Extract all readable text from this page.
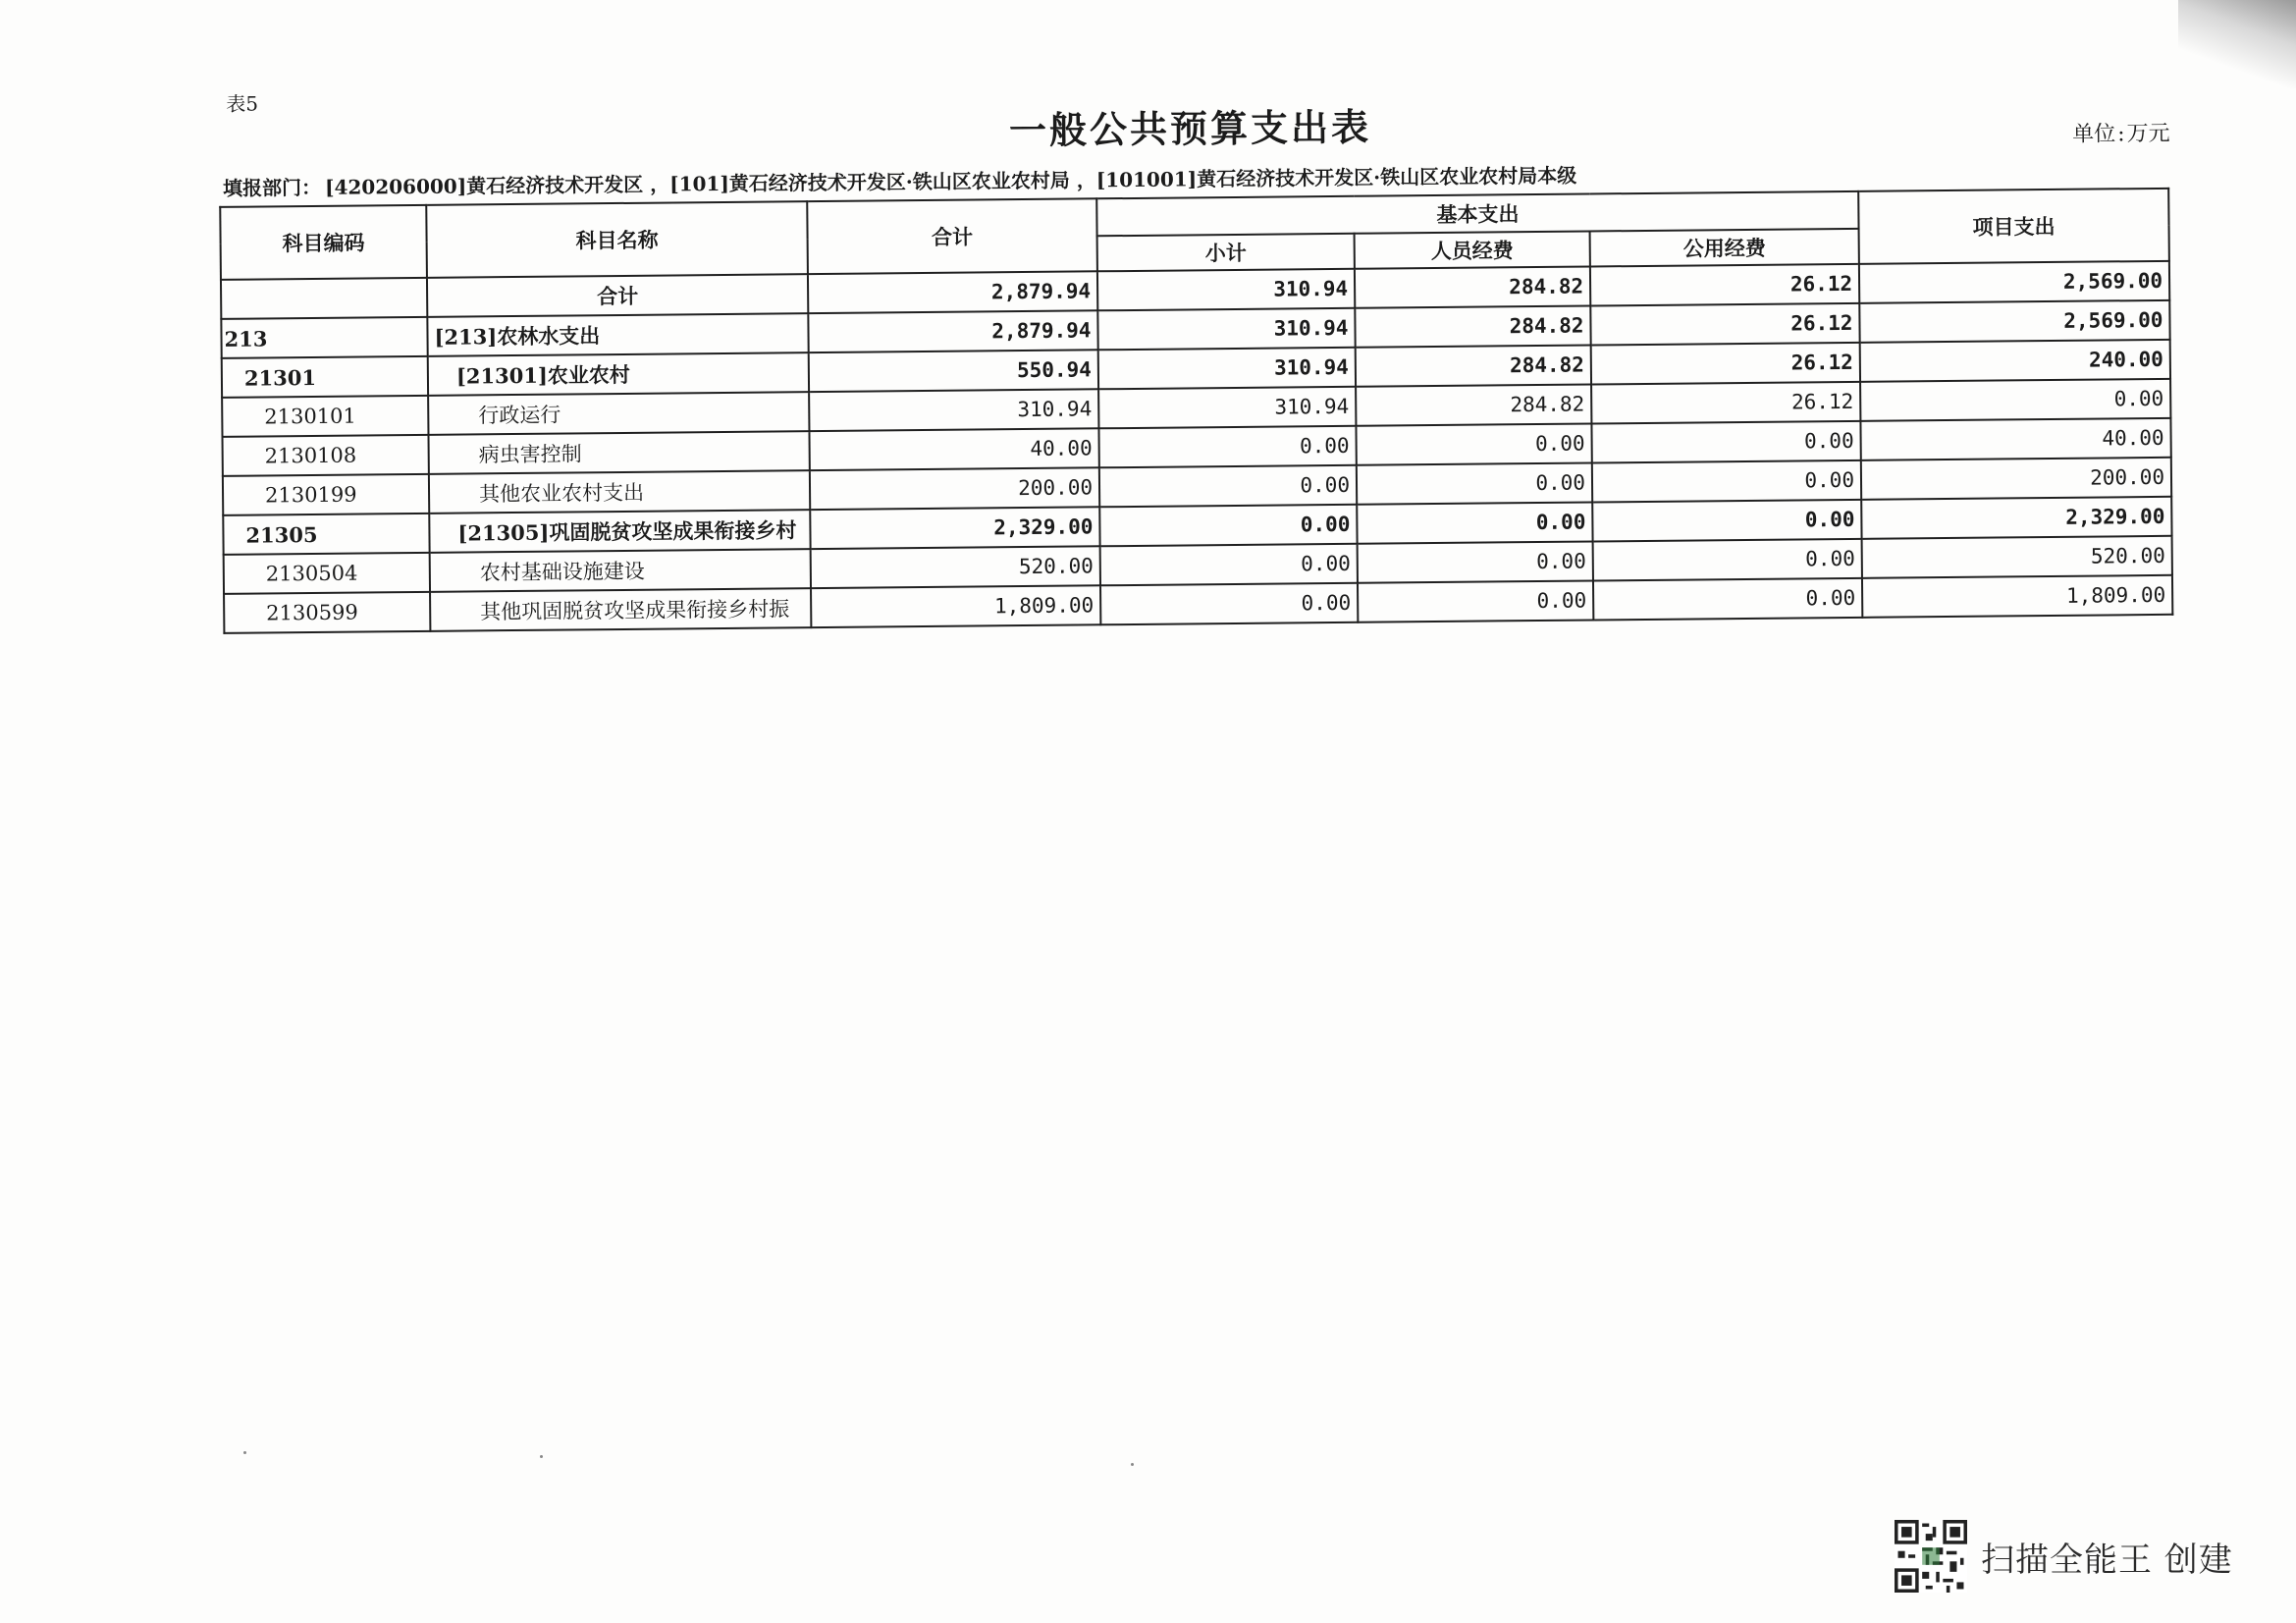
表5
一般公共预算支出表	单位:万元
填报部门： [420206000]黄石经济技术开发区 ，[101]黄石经济技术开发区·铁山区农业农村局 ，[101001]黄石经济技术开发区·铁山区农业农村局本级
科目编码	科目名称	合计	基本支出			项目支出
			小计	人员经费	公用经费	
	合计	2,879.94	310.94	284.82	26.12	2,569.00
213	[213]农林水支出	2,879.94	310.94	284.82	26.12	2,569.00
21301	[21301]农业农村	550.94	310.94	284.82	26.12	240.00
2130101	行政运行	310.94	310.94	284.82	26.12	0.00
2130108	病虫害控制	40.00	0.00	0.00	0.00	40.00
2130199	其他农业农村支出	200.00	0.00	0.00	0.00	200.00
21305	[21305]巩固脱贫攻坚成果衔接乡村	2,329.00	0.00	0.00	0.00	2,329.00
2130504	农村基础设施建设	520.00	0.00	0.00	0.00	520.00
2130599	其他巩固脱贫攻坚成果衔接乡村振	1,809.00	0.00	0.00	0.00	1,809.00
扫描全能王 创建
